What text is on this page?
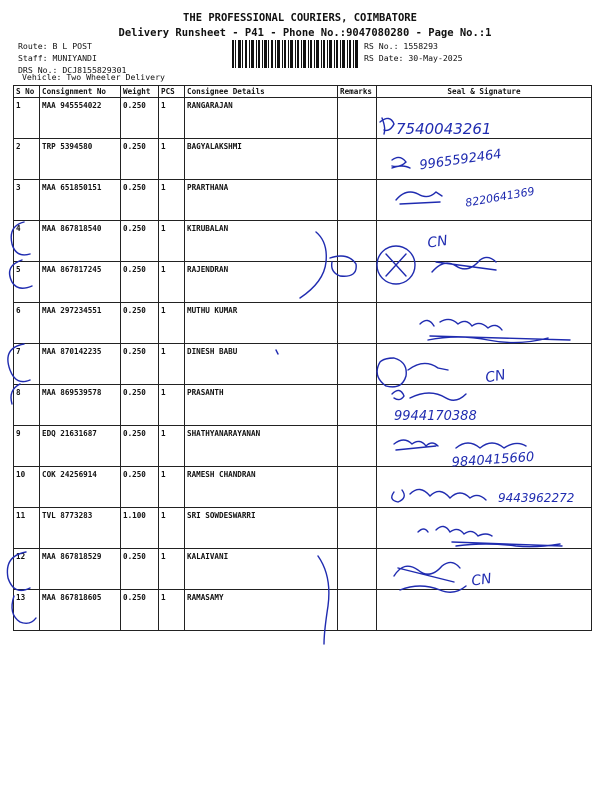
THE PROFESSIONAL COURIERS, COIMBATORE
Delivery Runsheet - P41 - Phone No.:9047080280 - Page No.:1
Route: B L POST
Staff: MUNIYANDI
DRS No.: DCJ8155829301
Vehicle: Two Wheeler Delivery
RS No.: 1558293
RS Date: 30-May-2025
S No	Consignment No	Weight	PCS	Consignee Details	Remarks	Seal & Signature

1	MAA 945554022	0.250	1	RANGARAJAN		

2	TRP 5394580	0.250	1	BAGYALAKSHMI		

3	MAA 651850151	0.250	1	PRARTHANA		

4	MAA 867818540	0.250	1	KIRUBALAN		

5	MAA 867817245	0.250	1	RAJENDRAN		

6	MAA 297234551	0.250	1	MUTHU KUMAR		

7	MAA 870142235	0.250	1	DINESH BABU		

8	MAA 869539578	0.250	1	PRASANTH		

9	EDQ 21631687	0.250	1	SHATHYANARAYANAN		

10	COK 24256914	0.250	1	RAMESH CHANDRAN		

11	TVL 8773283	1.100	1	SRI SOWDESWARRI		

12	MAA 867818529	0.250	1	KALAIVANI		

13	MAA 867818605	0.250	1	RAMASAMY		

7540043261
9965592464
8220641369
CN
CN
9944170388
9840415660
9443962272
CN
